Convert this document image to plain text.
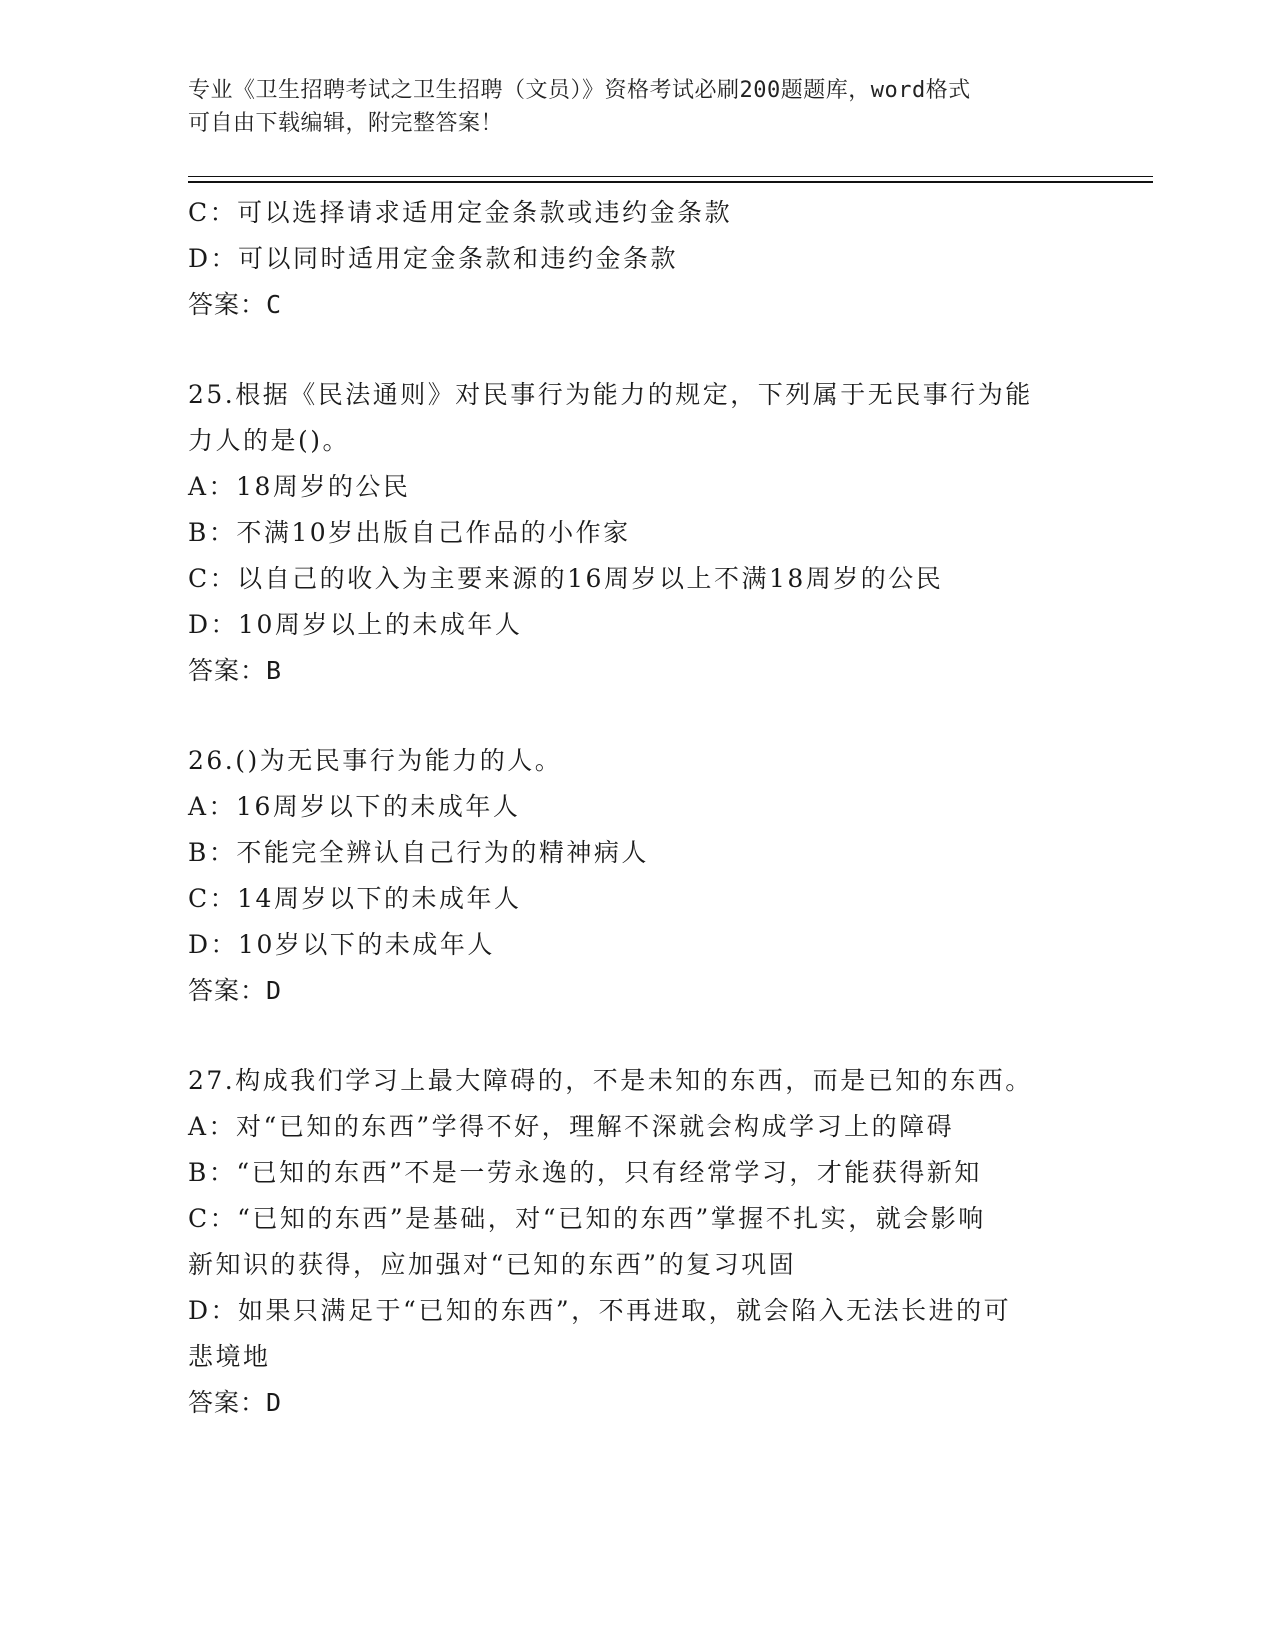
专业《卫生招聘考试之卫生招聘（文员）》资格考试必刷200题题库，word格式
可自由下载编辑，附完整答案！
C：可以选择请求适用定金条款或违约金条款
D：可以同时适用定金条款和违约金条款
答案：C
25.根据《民法通则》对民事行为能力的规定，下列属于无民事行为能
力人的是()。
A：18周岁的公民
B：不满10岁出版自己作品的小作家
C：以自己的收入为主要来源的16周岁以上不满18周岁的公民
D：10周岁以上的未成年人
答案：B
26.()为无民事行为能力的人。
A：16周岁以下的未成年人
B：不能完全辨认自己行为的精神病人
C：14周岁以下的未成年人
D：10岁以下的未成年人
答案：D
27.构成我们学习上最大障碍的，不是未知的东西，而是已知的东西。
A：对“已知的东西”学得不好，理解不深就会构成学习上的障碍
B：“已知的东西”不是一劳永逸的，只有经常学习，才能获得新知
C：“已知的东西”是基础，对“已知的东西”掌握不扎实，就会影响
新知识的获得，应加强对“已知的东西”的复习巩固
D：如果只满足于“已知的东西”，不再进取，就会陷入无法长进的可
悲境地
答案：D
